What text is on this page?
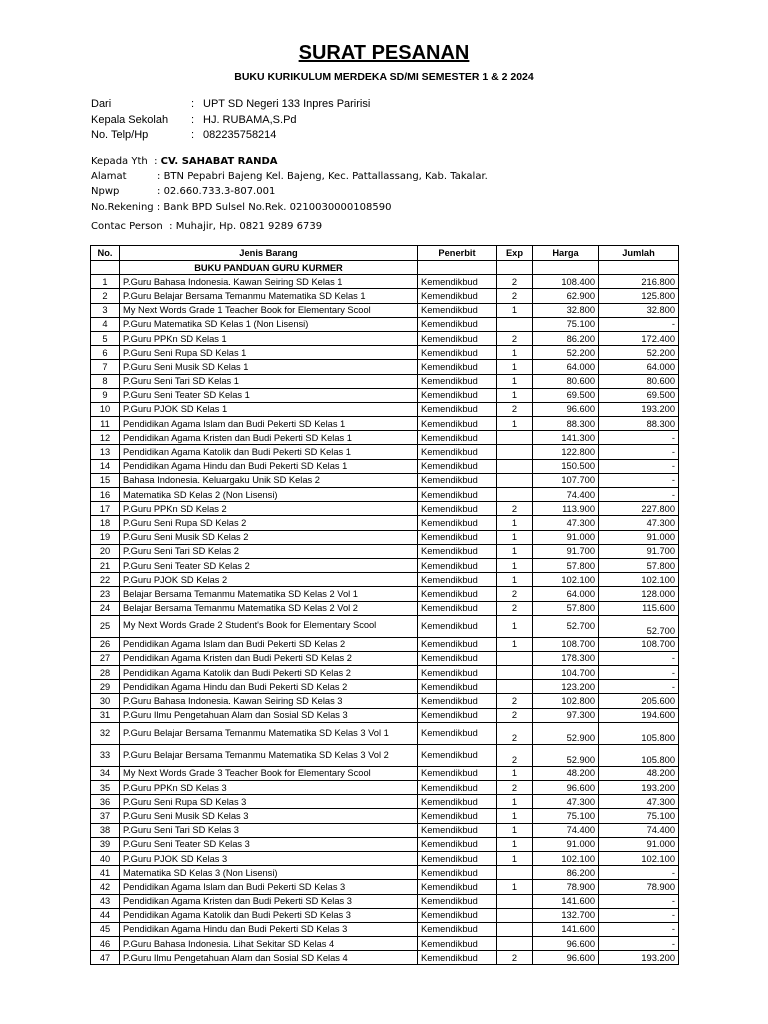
SURAT PESANAN
BUKU KURIKULUM MERDEKA SD/MI SEMESTER 1 & 2 2024
Dari	: UPT SD Negeri 133 Inpres Paririsi
Kepala Sekolah : HJ. RUBAMA,S.Pd
No. Telp/Hp	: 082235758214
Kepada Yth  : CV. SAHABAT RANDA
Alamat	: BTN Pepabri Bajeng Kel. Bajeng, Kec. Pattallassang, Kab. Takalar.
Npwp	: 02.660.733.3-807.001
No.Rekening : Bank BPD Sulsel No.Rek. 0210030000108590
Contac Person  : Muhajir, Hp. 0821 9289 6739
No.	Jenis Barang	Penerbit	Exp	Harga	Jumlah
	BUKU PANDUAN GURU KURMER				
1	P.Guru Bahasa Indonesia. Kawan Seiring SD Kelas 1	Kemendikbud	2	108.400	216.800
2	P.Guru Belajar Bersama Temanmu Matematika SD Kelas 1	Kemendikbud	2	62.900	125.800
3	My Next Words Grade 1 Teacher Book for Elementary Scool	Kemendikbud	1	32.800	32.800
4	P.Guru Matematika SD Kelas 1 (Non Lisensi)	Kemendikbud		75.100	-
5	P.Guru PPKn SD Kelas 1	Kemendikbud	2	86.200	172.400
6	P.Guru Seni Rupa SD Kelas 1	Kemendikbud	1	52.200	52.200
7	P.Guru Seni Musik SD Kelas 1	Kemendikbud	1	64.000	64.000
8	P.Guru Seni Tari SD Kelas 1	Kemendikbud	1	80.600	80.600
9	P.Guru Seni Teater SD Kelas 1	Kemendikbud	1	69.500	69.500
10	P.Guru PJOK SD Kelas 1	Kemendikbud	2	96.600	193.200
11	Pendidikan Agama Islam dan Budi Pekerti SD Kelas 1	Kemendikbud	1	88.300	88.300
12	Pendidikan Agama Kristen dan Budi Pekerti SD Kelas 1	Kemendikbud		141.300	-
13	Pendidikan Agama Katolik dan Budi Pekerti SD Kelas 1	Kemendikbud		122.800	-
14	Pendidikan Agama Hindu dan Budi Pekerti SD Kelas 1	Kemendikbud		150.500	-
15	Bahasa Indonesia. Keluargaku Unik SD Kelas 2	Kemendikbud		107.700	-
16	Matematika SD Kelas 2 (Non Lisensi)	Kemendikbud		74.400	-
17	P.Guru PPKn SD Kelas 2	Kemendikbud	2	113.900	227.800
18	P.Guru Seni Rupa SD Kelas 2	Kemendikbud	1	47.300	47.300
19	P.Guru Seni Musik SD Kelas 2	Kemendikbud	1	91.000	91.000
20	P.Guru Seni Tari SD Kelas 2	Kemendikbud	1	91.700	91.700
21	P.Guru Seni Teater SD Kelas 2	Kemendikbud	1	57.800	57.800
22	P.Guru PJOK SD Kelas 2	Kemendikbud	1	102.100	102.100
23	Belajar Bersama Temanmu Matematika SD Kelas 2 Vol 1	Kemendikbud	2	64.000	128.000
24	Belajar Bersama Temanmu Matematika SD Kelas 2 Vol 2	Kemendikbud	2	57.800	115.600
25	My Next Words Grade 2 Student's Book for Elementary Scool	Kemendikbud	1	52.700	52.700
26	Pendidikan Agama Islam dan Budi Pekerti SD Kelas 2	Kemendikbud	1	108.700	108.700
27	Pendidikan Agama Kristen dan Budi Pekerti SD Kelas 2	Kemendikbud		178.300	-
28	Pendidikan Agama Katolik dan Budi Pekerti SD Kelas 2	Kemendikbud		104.700	-
29	Pendidikan Agama Hindu dan Budi Pekerti SD Kelas 2	Kemendikbud		123.200	-
30	P.Guru Bahasa Indonesia. Kawan Seiring SD Kelas 3	Kemendikbud	2	102.800	205.600
31	P.Guru Ilmu Pengetahuan Alam dan Sosial SD Kelas 3	Kemendikbud	2	97.300	194.600
32	P.Guru Belajar Bersama Temanmu Matematika SD Kelas 3 Vol 1	Kemendikbud	2	52.900	105.800
33	P.Guru Belajar Bersama Temanmu Matematika SD Kelas 3 Vol 2	Kemendikbud	2	52.900	105.800
34	My Next Words Grade 3 Teacher Book for Elementary Scool	Kemendikbud	1	48.200	48.200
35	P.Guru PPKn SD Kelas 3	Kemendikbud	2	96.600	193.200
36	P.Guru Seni Rupa SD Kelas 3	Kemendikbud	1	47.300	47.300
37	P.Guru Seni Musik SD Kelas 3	Kemendikbud	1	75.100	75.100
38	P.Guru Seni Tari SD Kelas 3	Kemendikbud	1	74.400	74.400
39	P.Guru Seni Teater SD Kelas 3	Kemendikbud	1	91.000	91.000
40	P.Guru PJOK SD Kelas 3	Kemendikbud	1	102.100	102.100
41	Matematika SD Kelas 3 (Non Lisensi)	Kemendikbud		86.200	-
42	Pendidikan Agama Islam dan Budi Pekerti SD Kelas 3	Kemendikbud	1	78.900	78.900
43	Pendidikan Agama Kristen dan Budi Pekerti SD Kelas 3	Kemendikbud		141.600	-
44	Pendidikan Agama Katolik dan Budi Pekerti SD Kelas 3	Kemendikbud		132.700	-
45	Pendidikan Agama Hindu dan Budi Pekerti SD Kelas 3	Kemendikbud		141.600	-
46	P.Guru Bahasa Indonesia. Lihat Sekitar SD Kelas 4	Kemendikbud		96.600	-
47	P.Guru Ilmu Pengetahuan Alam dan Sosial SD Kelas 4	Kemendikbud	2	96.600	193.200
